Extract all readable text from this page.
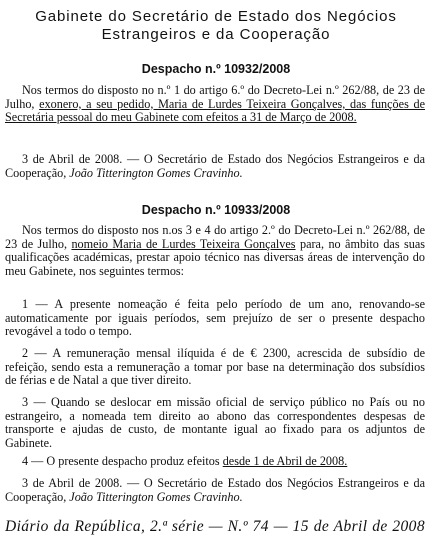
Gabinete do Secretário de Estado dos Negócios
Estrangeiros e da Cooperação
Despacho n.º 10932/2008

Nos termos do disposto no n.º 1 do artigo 6.º do Decreto-Lei n.º 262/88, de 23 de Julho, exonero, a seu pedido, Maria de Lurdes Teixeira Gonçalves, das funções de Secretária pessoal do meu Gabinete com efeitos a 31 de Março de 2008.

3 de Abril de 2008. — O Secretário de Estado dos Negócios Estrangeiros e da Cooperação, João Titterington Gomes Cravinho.

Despacho n.º 10933/2008

Nos termos do disposto nos n.os 3 e 4 do artigo 2.º do Decreto-Lei n.º 262/88, de 23 de Julho, nomeio Maria de Lurdes Teixeira Gonçalves para, no âmbito das suas qualificações académicas, prestar apoio técnico nas diversas áreas de intervenção do meu Gabinete, nos seguintes termos:

1 — A presente nomeação é feita pelo período de um ano, renovando-se automaticamente por iguais períodos, sem prejuízo de ser o presente despacho revogável a todo o tempo.

2 — A remuneração mensal ilíquida é de € 2300, acrescida de subsídio de refeição, sendo esta a remuneração a tomar por base na determinação dos subsídios de férias e de Natal a que tiver direito.

3 — Quando se deslocar em missão oficial de serviço público no País ou no estrangeiro, a nomeada tem direito ao abono das correspondentes despesas de transporte e ajudas de custo, de montante igual ao fixado para os adjuntos de Gabinete.

4 — O presente despacho produz efeitos desde 1 de Abril de 2008.

3 de Abril de 2008. — O Secretário de Estado dos Negócios Estrangeiros e da Cooperação, João Titterington Gomes Cravinho.

Diário da República, 2.ª série — N.º 74 — 15 de Abril de 2008
